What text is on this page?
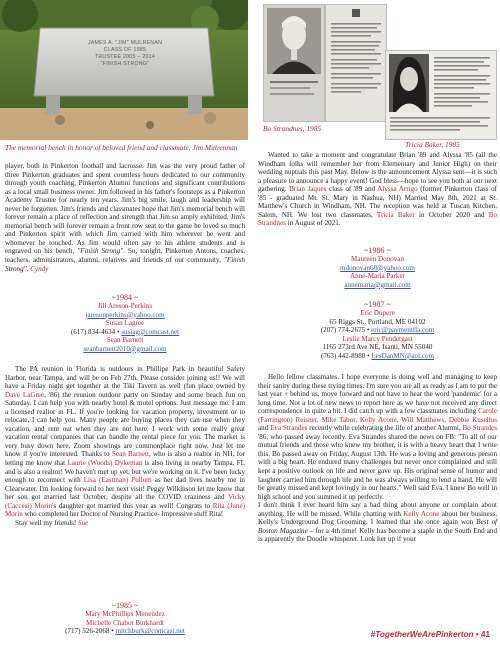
JAMES A. "JIM" MULRENAN
CLASS OF 1985
TRUSTEE 2005 – 2014
"FINISH STRONG"
The memorial bench in honor of beloved friend and classmate, Jim Mulrennan

player, both in Pinkerton football and lacrosse. Jim was the very proud father of three Pinkerton graduates and spent countless hours dedicated to our community through youth coaching, Pinkerton Alumni functions and significant contributions as a local small business owner. Jim followed in his father's footsteps as a Pinkerton Academy Trustee for nearly ten years. Jim's big smile, laugh and leadership will never be forgotten. Jim's friends and classmates hope that Jim's memorial bench will forever remain a place of reflection and strength that Jim so amply exhibited. Jim's memorial bench will forever remain a front row seat to the game he loved so much and Pinkerton spirit with which Jim carried with him wherever he went and whomever he touched. As Jim would often say to his athlete students and is engraved on his bench, "Finish Strong". So, tonight, Pinkerton Antons, coaches, teachers, administrators, alumni, relatives and friends of our community, "Finish Strong", Cyndy

~1984 ~
Jill Areson-Perkins
jaresonperkins@yahoo.com
Susan Lagree
(617) 834-4634 • susiag@comcast.net
Sean Barnett
seanbarnett2010@gmail.com

The PA reunion in Florida is outdoors in Phillipe Park in beautiful Safety Harbor, near Tampa, and will be on Feb 27th. Please consider joining us!! We will have a Friday night get together at the Tiki Tavern as well (fun place owned by Dave LaGree, '86) the reunion outdoor party on Sunday and some beach fun on Saturday. I can help you with nearby hotel & motel options. Just message me. I am a licensed realtor in FL. If you're looking for vacation property, investment or to relocate, I can help you. Many people are buying places they can use when they vacation, and rent out when they are not here. I work with some really great vacation rental companies that can handle the rental piece for you. The market is very busy down here, Zoom showings are commonplace right now. Just let me know if you're interested. Thanks to Sean Barnett, who is also a realtor in NH, for letting me know that Laurie (Woods) Dykeman is also living in nearby Tampa, FL and is also a realtor! We haven't met up yet, but we're working on it. I've been lucky enough to reconnect with Lisa (Eastman) Pullum as her dad lives nearby me in Clearwater. I'm looking forward to her next visit! Peggy Wilkinson let me know that her son got married last October, despite all the COVID craziness and Vicky (Caccesi) Morin's daughter got married this year as well! Congrats to Rita (June) Morin who completed her Doctor of Nursing Practice- Impressive stuff Rita!

Stay well my friends! Sue

~1985 ~
Mary McPhillips Menendez
Michelle Chabot Burkhardt
(717) 526-2068 • mitchburk@comcast.net
Bo Strandnes, 1985
Tricia Baker, 1985

Wanted to take a moment and congratulate Brian '89 and Alyssa '85 (all the Windham folks will remember her from Elementary and Junior High) on their wedding nuptials this past May. Below is the announcement Alyssa sent—it is such a pleasure to announce a happy event! God bless—hope to see you both at our next gathering. Brian Jaques class of '89 and Alyssa Arrigo (former Pinkerton class of '85 - graduated Mt. St. Mary in Nashua, NH) Married May 8th, 2021 at St. Matthew's Church in Windham, NH. The reception was held at Tuscan Kitchen, Salem, NH. We lost two classmates, Tricia Baker in October 2020 and Bo Strandnes in August of 2021.

~1986 ~
Maureen Donovan
mdonovan68@yahoo.com
Anne-Maria Parker
annemaria@gmail.com
~1987 ~
Eric Dupere
65 Riggs St., Portland, ME 04102
(207) 774-2675 • eric@paymentfla.com
Leslie Marcy Pendergast
1165 273rd Ave NE, Isanti, MN 55040
(763) 442-8980 • LesDanMN@aol.com

Hello fellow classmates. I hope everyone is doing well and managing to keep their sanity during these trying times. I'm sure you are all as ready as I am to put the last year + behind us, move forward and not have to hear the word 'pandemic' for a long time. Not a lot of new news to report here as we have not received any direct correspondence in quite a bit. I did catch up with a few classmates including Carole (Farrington) Reisner, Mike Tabor, Kelly Acone, Will Matthews, Debbie Kusellus and Eva Strandes recently while celebrating the life of another Alumni, Bo Strandes '86, who passed away recently. Eva Strandes shared the news on FB: "To all of our mutual friends and those who knew my brother, it is with a heavy heart that I write this. Bo passed away on Friday, August 13th. He was a loving and generous person with a big heart. He endured many challenges but never once complained and still kept a positive outlook on life and never gave up. His original sense of humor and laughter carried him through life and he was always willing to lend a hand. He will be greatly missed and kept lovingly in our hearts." Well said Eva. I knew Bo well in high school and you summed it up perfectly.

I don't think I ever heard him say a bad thing about anyone or complain about anything. He will be missed. While chatting with Kelly Acone about her business, Kelly's Underground Dog Grooming, I learned that she once again won Best of Boston Magazine – for a 4th time! Kelly has become a staple in the South End and is apparently the Doodle whisperer. Look her up if your

#TogetherWeArePinkerton • 41
